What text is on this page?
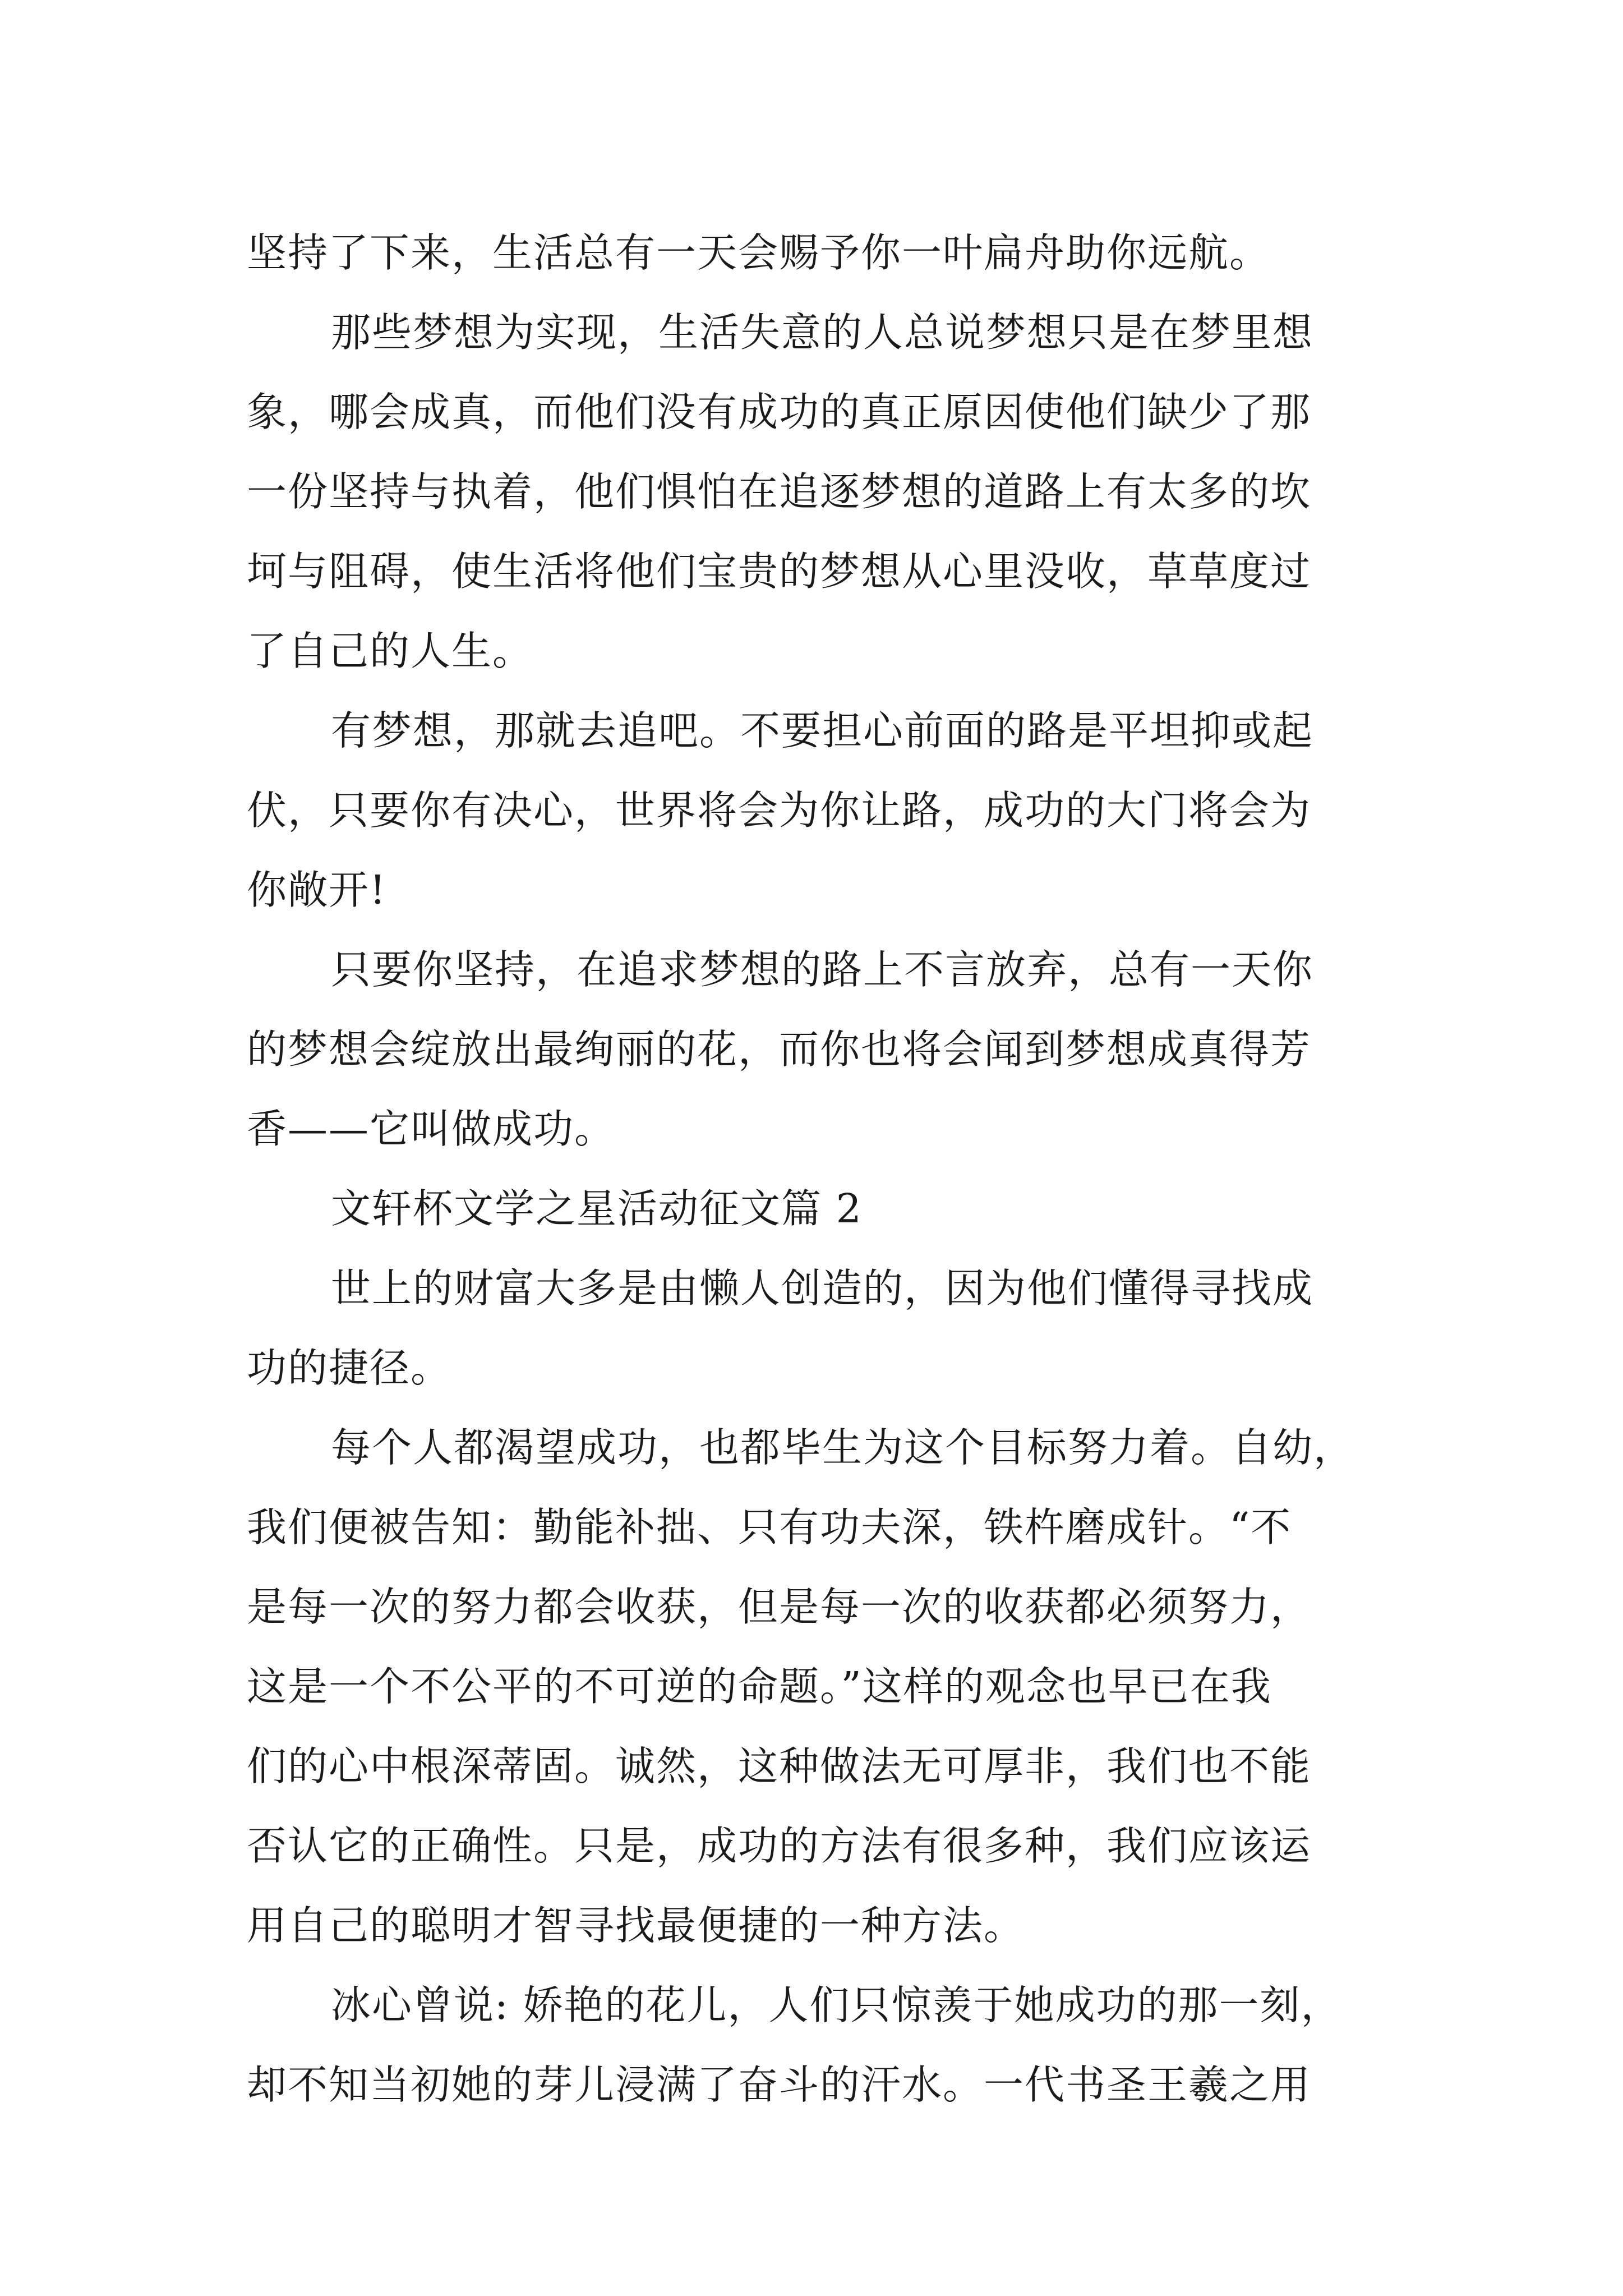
坚持了下来，生活总有一天会赐予你一叶扁舟助你远航。
那些梦想为实现，生活失意的人总说梦想只是在梦里想
象，哪会成真，而他们没有成功的真正原因使他们缺少了那
一份坚持与执着，他们惧怕在追逐梦想的道路上有太多的坎
坷与阻碍，使生活将他们宝贵的梦想从心里没收，草草度过
了自己的人生。
有梦想，那就去追吧。不要担心前面的路是平坦抑或起
伏，只要你有决心，世界将会为你让路，成功的大门将会为
你敞开!
只要你坚持，在追求梦想的路上不言放弃，总有一天你
的梦想会绽放出最绚丽的花，而你也将会闻到梦想成真得芳
香——它叫做成功。
文轩杯文学之星活动征文篇 2
世上的财富大多是由懒人创造的，因为他们懂得寻找成
功的捷径。
每个人都渴望成功，也都毕生为这个目标努力着。自幼，
我们便被告知：勤能补拙、只有功夫深，铁杵磨成针。“不
是每一次的努力都会收获，但是每一次的收获都必须努力，
这是一个不公平的不可逆的命题。”这样的观念也早已在我
们的心中根深蒂固。诚然，这种做法无可厚非，我们也不能
否认它的正确性。只是，成功的方法有很多种，我们应该运
用自己的聪明才智寻找最便捷的一种方法。
冰心曾说: 娇艳的花儿，人们只惊羡于她成功的那一刻，
却不知当初她的芽儿浸满了奋斗的汗水。一代书圣王羲之用
